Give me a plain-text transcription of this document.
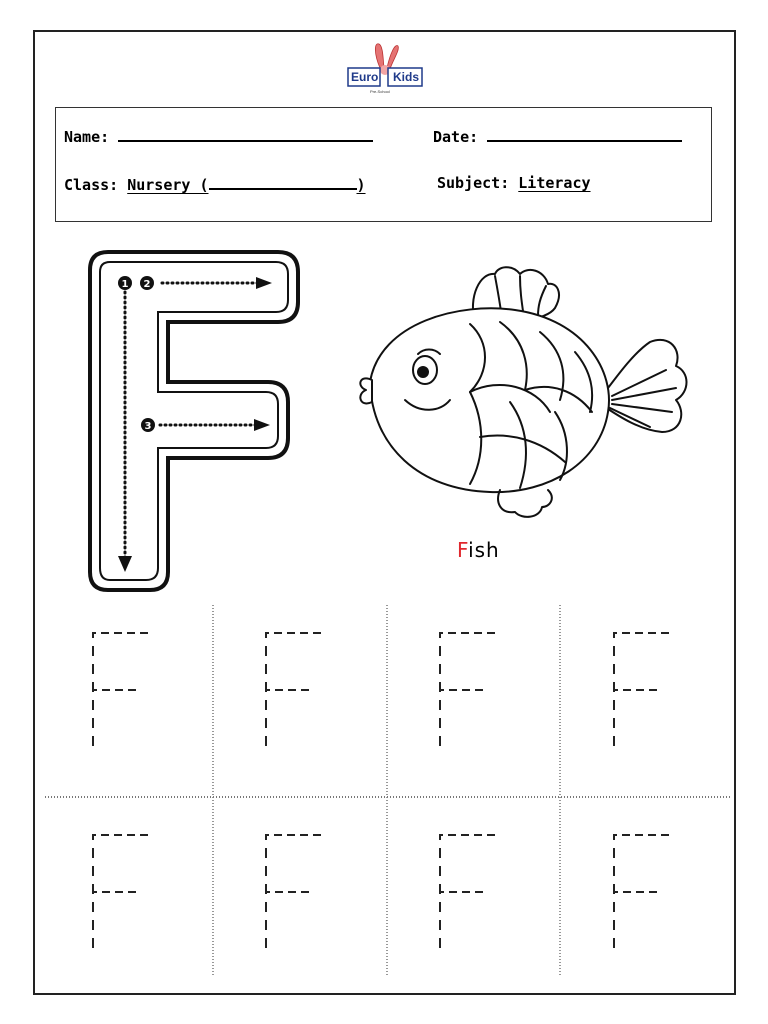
Euro Kids
Pre-School
Name:	Date:
Class: Nursery (	)	Subject: Literacy
1 2
3
Fish
